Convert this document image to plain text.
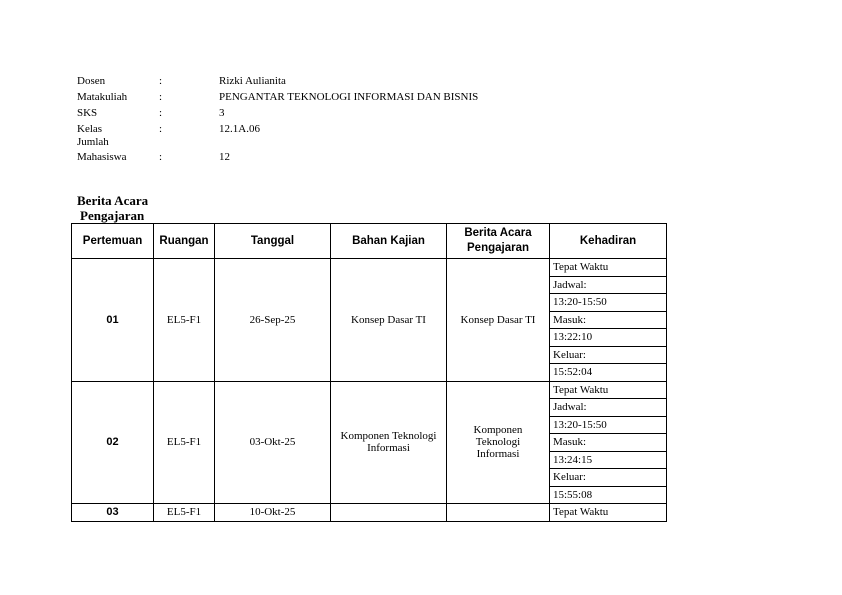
Dosen	:	Rizki Aulianita
Matakuliah	:	PENGANTAR TEKNOLOGI INFORMASI DAN BISNIS
SKS	:	3
Kelas	:	12.1A.06
Jumlah
Mahasiswa	:	12
Berita Acara
Pengajaran
Pertemuan	Ruangan	Tanggal	Bahan Kajian	Berita Acara Pengajaran	Kehadiran
01	EL5-F1	26-Sep-25	Konsep Dasar TI	Konsep Dasar TI	Tepat Waktu
					Jadwal:
					13:20-15:50
					Masuk:
					13:22:10
					Keluar:
					15:52:04
02	EL5-F1	03-Okt-25	Komponen Teknologi Informasi	Komponen Teknologi Informasi	Tepat Waktu
					Jadwal:
					13:20-15:50
					Masuk:
					13:24:15
					Keluar:
					15:55:08
03	EL5-F1	10-Okt-25			Tepat Waktu
